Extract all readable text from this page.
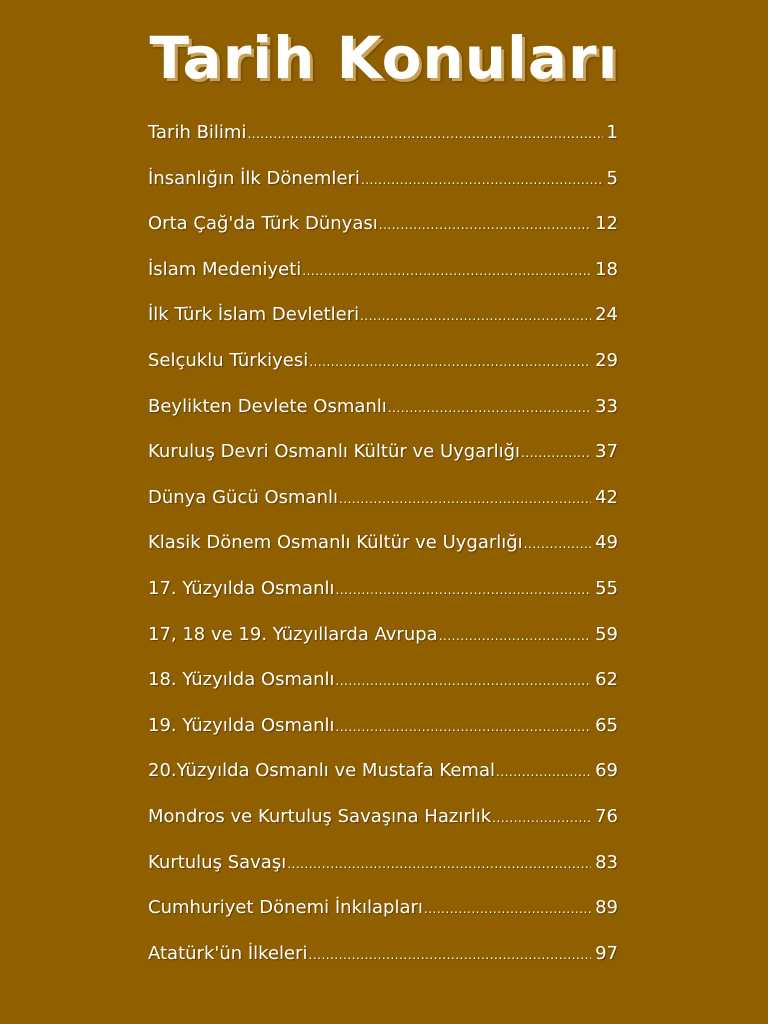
Tarih Konuları
Tarih Bilimi .....	1
İnsanlığın İlk Dönemleri .....	5
Orta Çağ'da Türk Dünyası .....	12
İslam Medeniyeti .....	18
İlk Türk İslam Devletleri .....	24
Selçuklu Türkiyesi .....	29
Beylikten Devlete Osmanlı .....	33
Kuruluş Devri Osmanlı Kültür ve Uygarlığı .....	37
Dünya Gücü Osmanlı .....	42
Klasik Dönem Osmanlı Kültür ve Uygarlığı .....	49
17. Yüzyılda Osmanlı .....	55
17, 18 ve 19. Yüzyıllarda Avrupa .....	59
18. Yüzyılda Osmanlı .....	62
19. Yüzyılda Osmanlı .....	65
20.Yüzyılda Osmanlı ve Mustafa Kemal .....	69
Mondros ve Kurtuluş Savaşına Hazırlık .....	76
Kurtuluş Savaşı .....	83
Cumhuriyet Dönemi İnkılapları .....	89
Atatürk'ün İlkeleri .....	97
